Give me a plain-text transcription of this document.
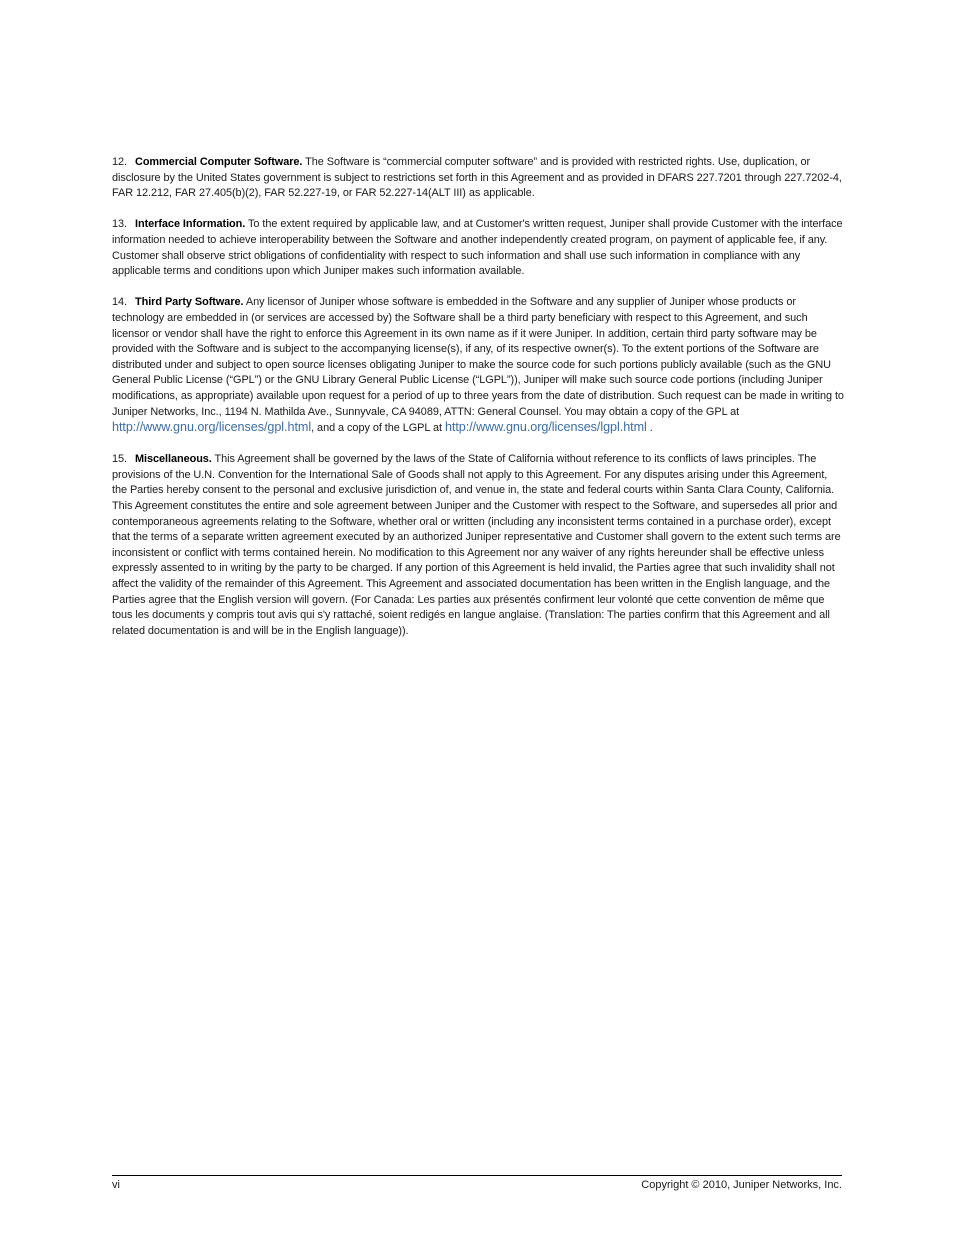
12. Commercial Computer Software. The Software is “commercial computer software” and is provided with restricted rights. Use, duplication, or disclosure by the United States government is subject to restrictions set forth in this Agreement and as provided in DFARS 227.7201 through 227.7202-4, FAR 12.212, FAR 27.405(b)(2), FAR 52.227-19, or FAR 52.227-14(ALT III) as applicable.

13. Interface Information. To the extent required by applicable law, and at Customer's written request, Juniper shall provide Customer with the interface information needed to achieve interoperability between the Software and another independently created program, on payment of applicable fee, if any. Customer shall observe strict obligations of confidentiality with respect to such information and shall use such information in compliance with any applicable terms and conditions upon which Juniper makes such information available.

14. Third Party Software. Any licensor of Juniper whose software is embedded in the Software and any supplier of Juniper whose products or technology are embedded in (or services are accessed by) the Software shall be a third party beneficiary with respect to this Agreement, and such licensor or vendor shall have the right to enforce this Agreement in its own name as if it were Juniper. In addition, certain third party software may be provided with the Software and is subject to the accompanying license(s), if any, of its respective owner(s). To the extent portions of the Software are distributed under and subject to open source licenses obligating Juniper to make the source code for such portions publicly available (such as the GNU General Public License (“GPL”) or the GNU Library General Public License (“LGPL”)), Juniper will make such source code portions (including Juniper modifications, as appropriate) available upon request for a period of up to three years from the date of distribution. Such request can be made in writing to Juniper Networks, Inc., 1194 N. Mathilda Ave., Sunnyvale, CA 94089, ATTN: General Counsel. You may obtain a copy of the GPL at http://www.gnu.org/licenses/gpl.html, and a copy of the LGPL at http://www.gnu.org/licenses/lgpl.html .

15. Miscellaneous. This Agreement shall be governed by the laws of the State of California without reference to its conflicts of laws principles. The provisions of the U.N. Convention for the International Sale of Goods shall not apply to this Agreement. For any disputes arising under this Agreement, the Parties hereby consent to the personal and exclusive jurisdiction of, and venue in, the state and federal courts within Santa Clara County, California. This Agreement constitutes the entire and sole agreement between Juniper and the Customer with respect to the Software, and supersedes all prior and contemporaneous agreements relating to the Software, whether oral or written (including any inconsistent terms contained in a purchase order), except that the terms of a separate written agreement executed by an authorized Juniper representative and Customer shall govern to the extent such terms are inconsistent or conflict with terms contained herein. No modification to this Agreement nor any waiver of any rights hereunder shall be effective unless expressly assented to in writing by the party to be charged. If any portion of this Agreement is held invalid, the Parties agree that such invalidity shall not affect the validity of the remainder of this Agreement. This Agreement and associated documentation has been written in the English language, and the Parties agree that the English version will govern. (For Canada: Les parties aux présentés confirment leur volonté que cette convention de même que tous les documents y compris tout avis qui s'y rattaché, soient redigés en langue anglaise. (Translation: The parties confirm that this Agreement and all related documentation is and will be in the English language)).

vi	Copyright © 2010, Juniper Networks, Inc.
